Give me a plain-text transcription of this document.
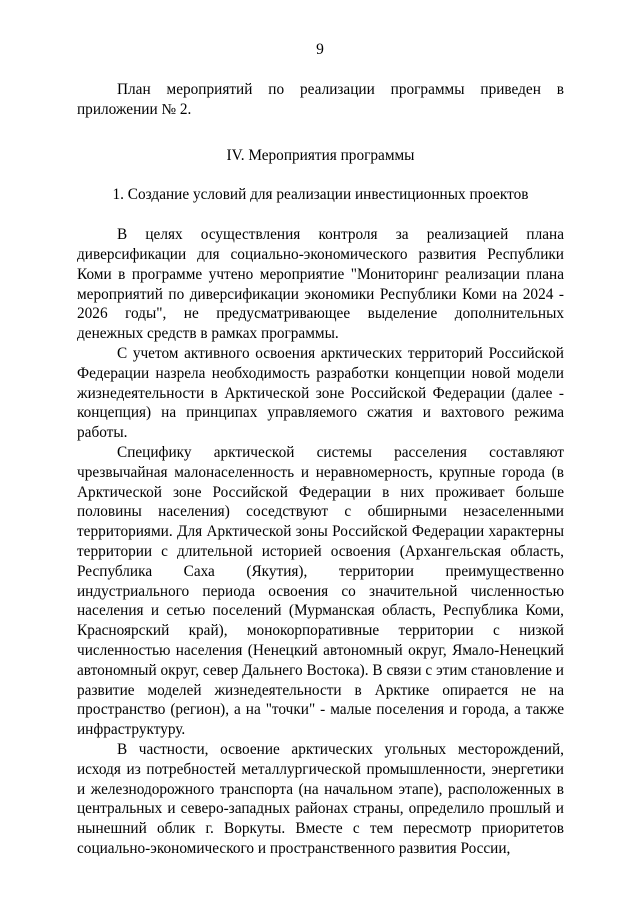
9

План мероприятий по реализации программы приведен в приложении № 2.

IV. Мероприятия программы

1. Создание условий для реализации инвестиционных проектов

В целях осуществления контроля за реализацией плана диверсификации для социально-экономического развития Республики Коми в программе учтено мероприятие "Мониторинг реализации плана мероприятий по диверсификации экономики Республики Коми на 2024 - 2026 годы", не предусматривающее выделение дополнительных денежных средств в рамках программы.

С учетом активного освоения арктических территорий Российской Федерации назрела необходимость разработки концепции новой модели жизнедеятельности в Арктической зоне Российской Федерации (далее - концепция) на принципах управляемого сжатия и вахтового режима работы.

Специфику арктической системы расселения составляют чрезвычайная малонаселенность и неравномерность, крупные города (в Арктической зоне Российской Федерации в них проживает больше половины населения) соседствуют с обширными незаселенными территориями. Для Арктической зоны Российской Федерации характерны территории с длительной историей освоения (Архангельская область, Республика Саха (Якутия), территории преимущественно индустриального периода освоения со значительной численностью населения и сетью поселений (Мурманская область, Республика Коми, Красноярский край), монокорпоративные территории с низкой численностью населения (Ненецкий автономный округ, Ямало-Ненецкий автономный округ, север Дальнего Востока). В связи с этим становление и развитие моделей жизнедеятельности в Арктике опирается не на пространство (регион), а на "точки" - малые поселения и города, а также инфраструктуру.

В частности, освоение арктических угольных месторождений, исходя из потребностей металлургической промышленности, энергетики и железнодорожного транспорта (на начальном этапе), расположенных в центральных и северо-западных районах страны, определило прошлый и нынешний облик г. Воркуты. Вместе с тем пересмотр приоритетов социально-экономического и пространственного развития России,
